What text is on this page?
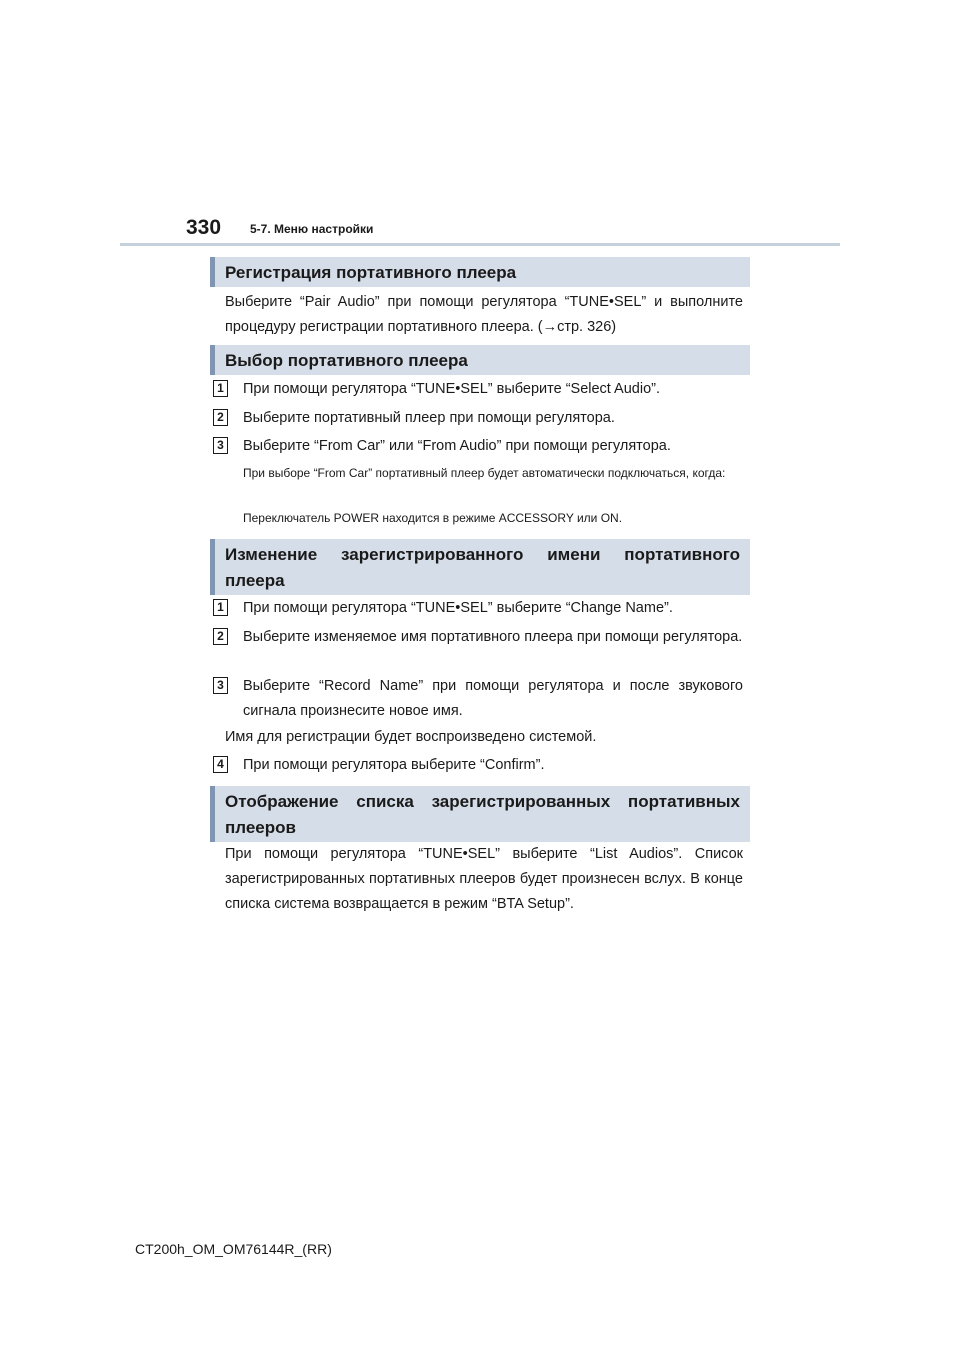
330 5-7. Меню настройки
Регистрация портативного плеера
Выберите “Pair Audio” при помощи регулятора “TUNE•SEL” и выполните процедуру регистрации портативного плеера. (→стр. 326)
Выбор портативного плеера
1 При помощи регулятора “TUNE•SEL” выберите “Select Audio”.
2 Выберите портативный плеер при помощи регулятора.
3 Выберите “From Car” или “From Audio” при помощи регулятора.
При выборе “From Car” портативный плеер будет автоматически подключаться, когда:
Переключатель POWER находится в режиме ACCESSORY или ON.
Изменение зарегистрированного имени портативного плеера
1 При помощи регулятора “TUNE•SEL” выберите “Change Name”.
2 Выберите изменяемое имя портативного плеера при помощи регулятора.
3 Выберите “Record Name” при помощи регулятора и после звукового сигнала произнесите новое имя.
Имя для регистрации будет воспроизведено системой.
4 При помощи регулятора выберите “Confirm”.
Отображение списка зарегистрированных портативных плееров
При помощи регулятора “TUNE•SEL” выберите “List Audios”. Список зарегистрированных портативных плееров будет произнесен вслух. В конце списка система возвращается в режим “BTA Setup”.
CT200h_OM_OM76144R_(RR)
